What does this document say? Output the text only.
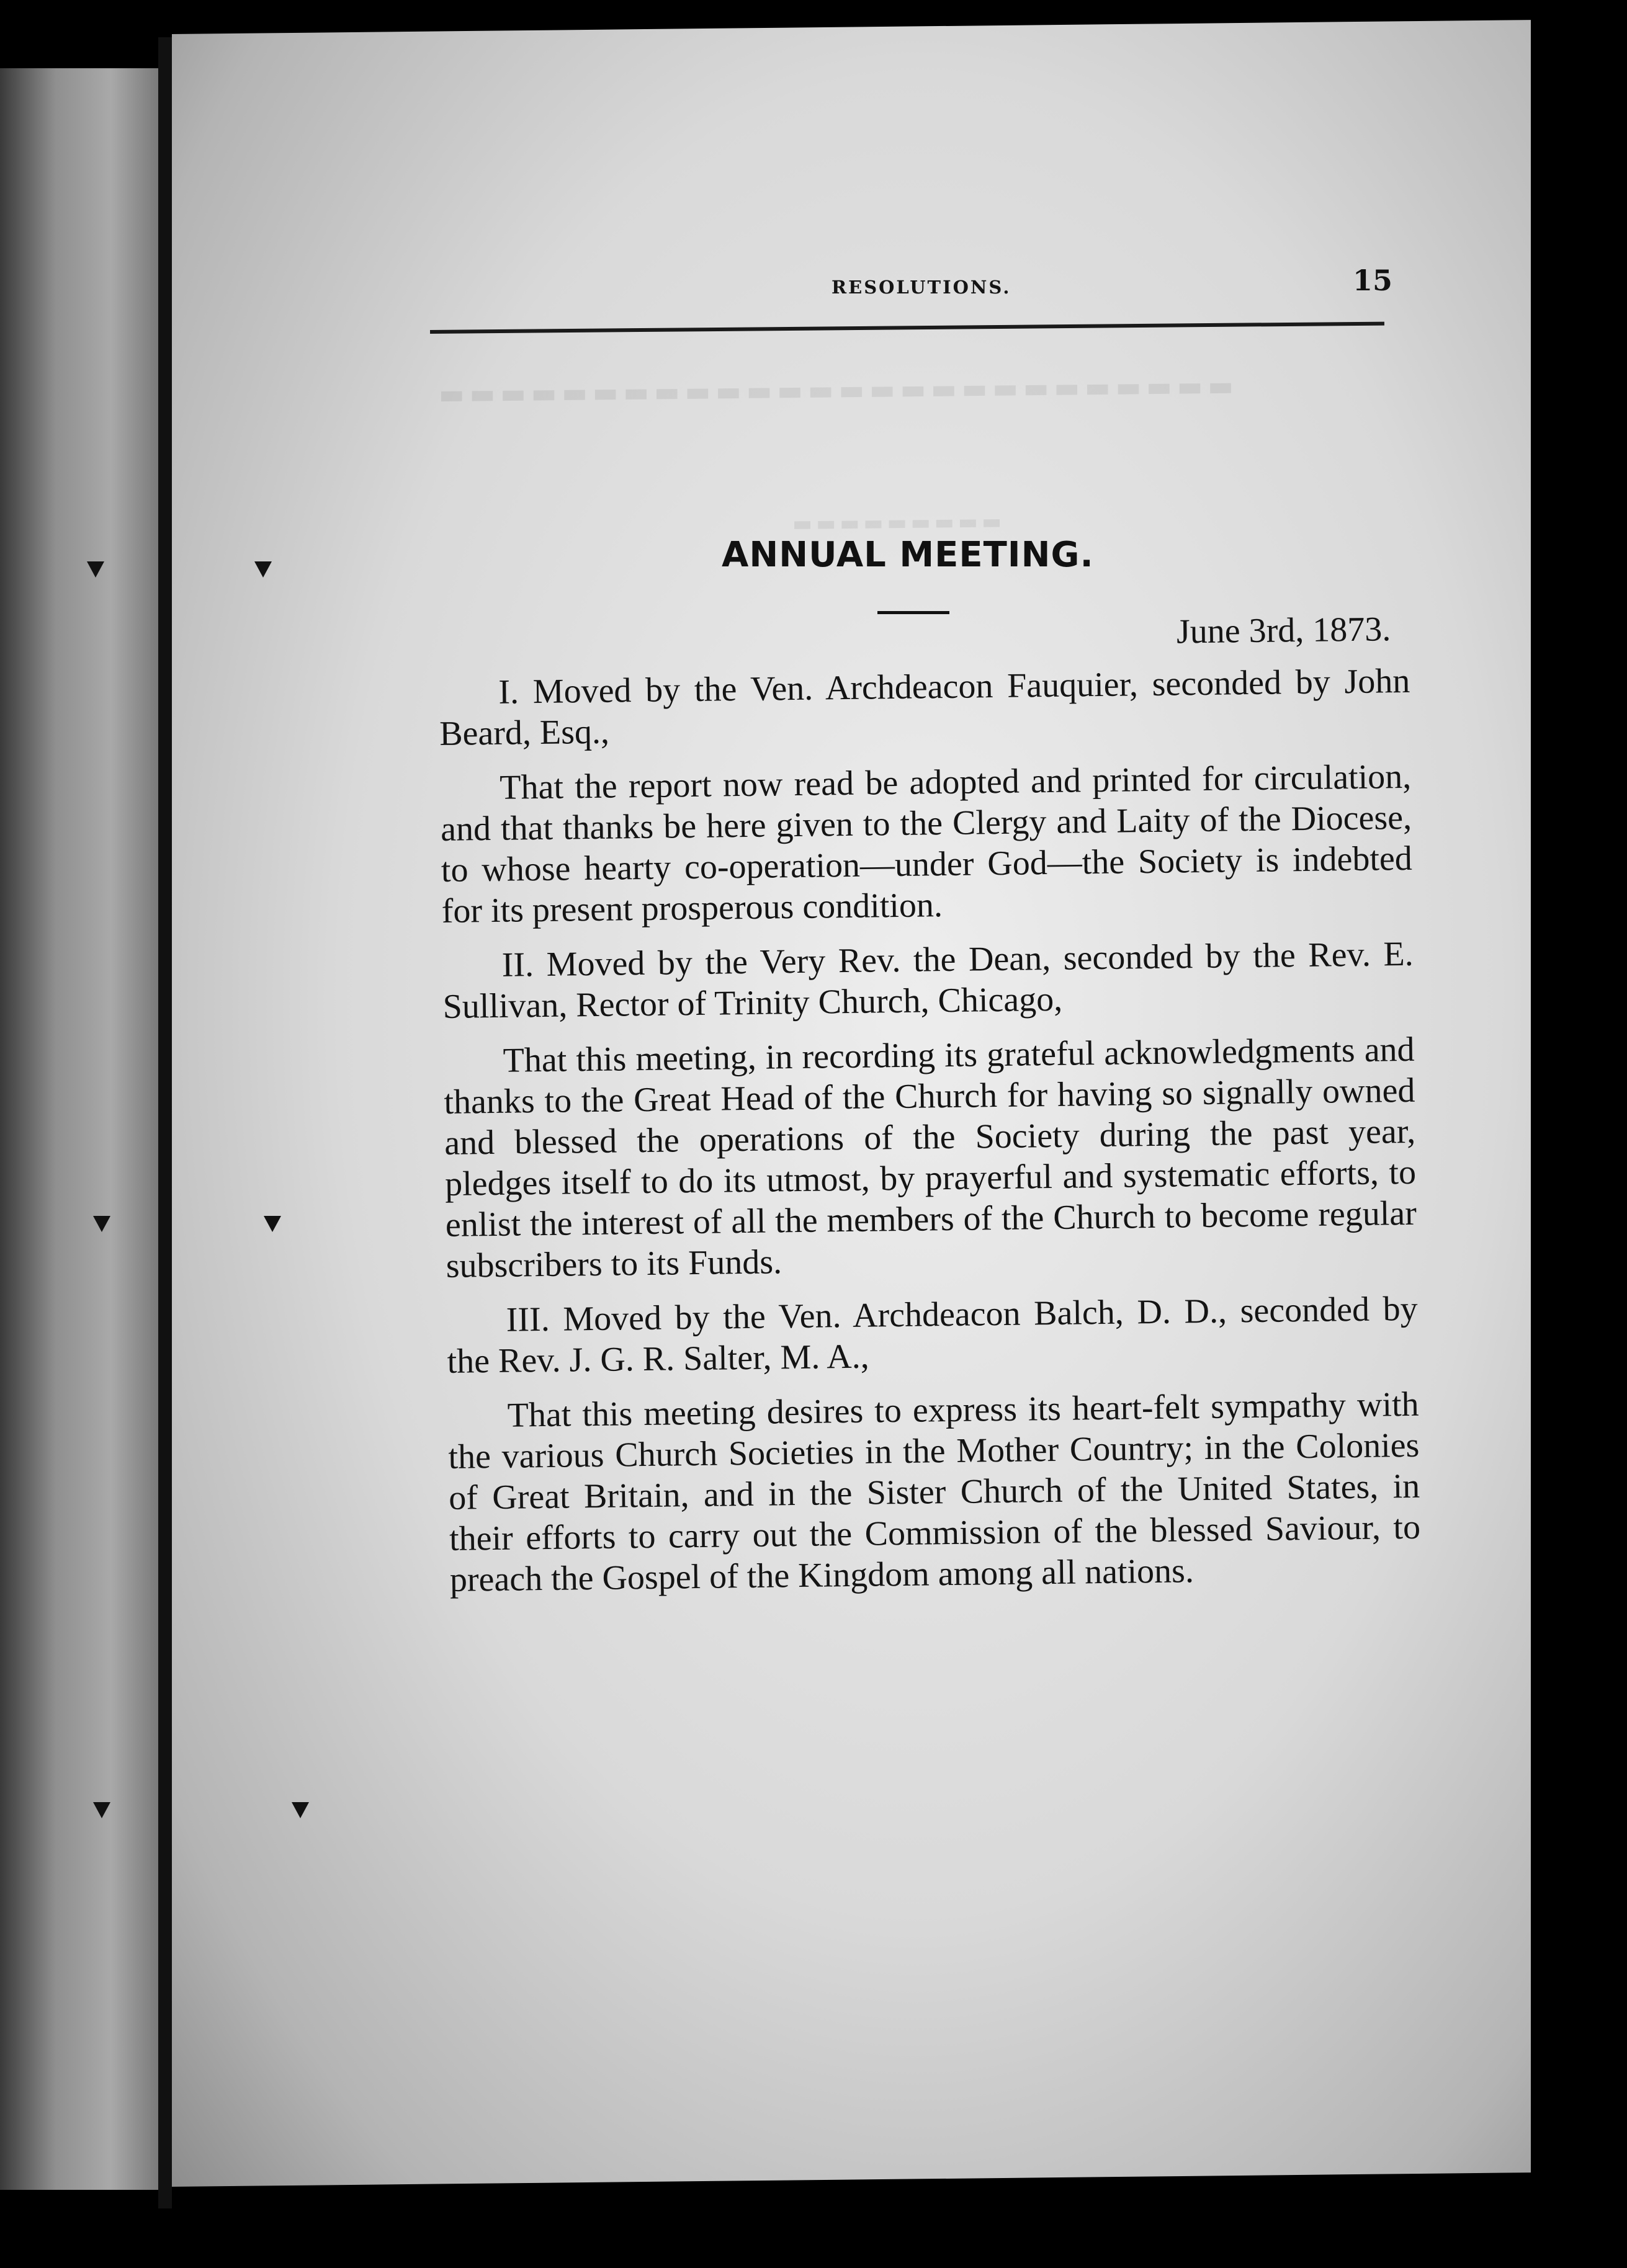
▬▬▬▬▬▬▬▬▬▬▬▬▬▬▬▬▬▬▬▬▬▬▬▬▬▬
▬▬▬▬▬▬▬▬▬
RESOLUTIONS.	15
ANNUAL MEETING.
June 3rd, 1873.

I. Moved by the Ven. Archdeacon Fauquier, seconded by John Beard, Esq.,

That the report now read be adopted and printed for circulation, and that thanks be here given to the Clergy and Laity of the Diocese, to whose hearty co-operation—under God—the Society is indebted for its present prosperous condition.

II. Moved by the Very Rev. the Dean, seconded by the Rev. E. Sullivan, Rector of Trinity Church, Chicago,

That this meeting, in recording its grateful acknowledgments and thanks to the Great Head of the Church for having so signally owned and blessed the operations of the Society during the past year, pledges itself to do its utmost, by prayerful and systematic efforts, to enlist the interest of all the members of the Church to become regular subscribers to its Funds.

III. Moved by the Ven. Archdeacon Balch, D. D., seconded by the Rev. J. G. R. Salter, M. A.,

That this meeting desires to express its heart-felt sympathy with the various Church Societies in the Mother Country; in the Colonies of Great Britain, and in the Sister Church of the United States, in their efforts to carry out the Commission of the blessed Saviour, to preach the Gospel of the Kingdom among all nations.
